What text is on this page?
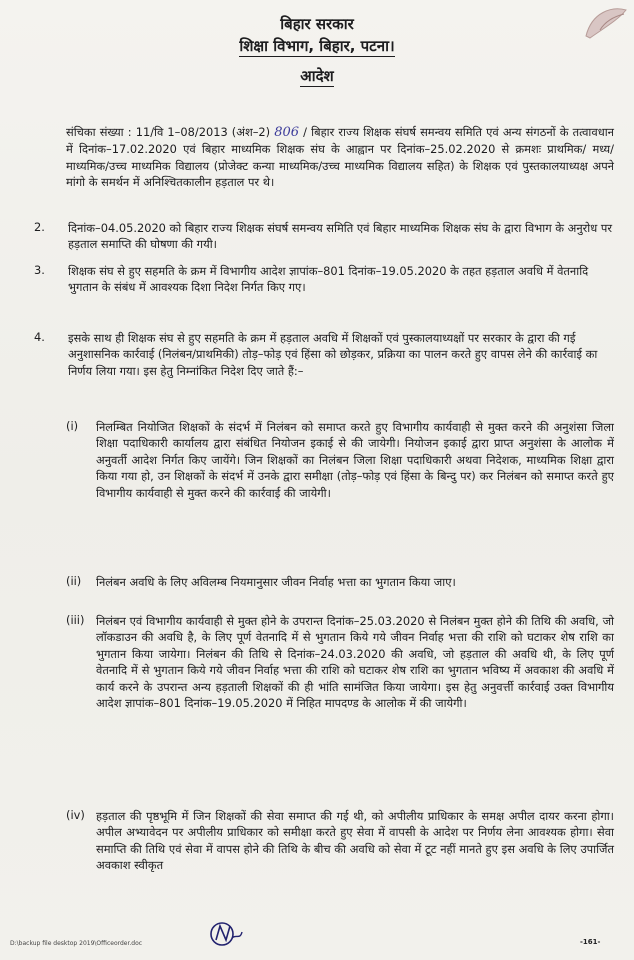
बिहार सरकार
शिक्षा विभाग, बिहार, पटना।
आदेश
संचिका संख्या : 11/वि 1–08/2013 (अंश–2) 806 / बिहार राज्य शिक्षक संघर्ष समन्वय समिति एवं अन्य संगठनों के तत्वावधान में दिनांक–17.02.2020 एवं बिहार माध्यमिक शिक्षक संघ के आह्वान पर दिनांक–25.02.2020 से क्रमशः प्राथमिक/ मध्य/माध्यमिक/उच्च माध्यमिक विद्यालय (प्रोजेक्ट कन्या माध्यमिक/उच्च माध्यमिक विद्यालय सहित) के शिक्षक एवं पुस्तकालयाध्यक्ष अपने मांगो के समर्थन में अनिश्चितकालीन हड़ताल पर थे।
2. दिनांक–04.05.2020 को बिहार राज्य शिक्षक संघर्ष समन्वय समिति एवं बिहार माध्यमिक शिक्षक संघ के द्वारा विभाग के अनुरोध पर हड़ताल समाप्ति की घोषणा की गयी।
3. शिक्षक संघ से हुए सहमति के क्रम में विभागीय आदेश ज्ञापांक–801 दिनांक–19.05.2020 के तहत हड़ताल अवधि में वेतनादि भुगतान के संबंध में आवश्यक दिशा निदेश निर्गत किए गए।
4. इसके साथ ही शिक्षक संघ से हुए सहमति के क्रम में हड़ताल अवधि में शिक्षकों एवं पुस्कालयाध्यक्षों पर सरकार के द्वारा की गई अनुशासनिक कार्रवाई (निलंबन/प्राथमिकी) तोड़–फोड़ एवं हिंसा को छोड़कर, प्रक्रिया का पालन करते हुए वापस लेने की कार्रवाई का निर्णय लिया गया। इस हेतु निम्नांकित निदेश दिए जाते हैं:–
(i) निलम्बित नियोजित शिक्षकों के संदर्भ में निलंबन को समाप्त करते हुए विभागीय कार्यवाही से मुक्त करने की अनुशंसा जिला शिक्षा पदाधिकारी कार्यालय द्वारा संबंधित नियोजन इकाई से की जायेगी। नियोजन इकाई द्वारा प्राप्त अनुशंसा के आलोक में अनुवर्ती आदेश निर्गत किए जायेंगे। जिन शिक्षकों का निलंबन जिला शिक्षा पदाधिकारी अथवा निदेशक, माध्यमिक शिक्षा द्वारा किया गया हो, उन शिक्षकों के संदर्भ में उनके द्वारा समीक्षा (तोड़–फोड़ एवं हिंसा के बिन्दु पर) कर निलंबन को समाप्त करते हुए विभागीय कार्यवाही से मुक्त करने की कार्रवाई की जायेगी।
(ii) निलंबन अवधि के लिए अविलम्ब नियमानुसार जीवन निर्वाह भत्ता का भुगतान किया जाए।
(iii) निलंबन एवं विभागीय कार्यवाही से मुक्त होने के उपरान्त दिनांक–25.03.2020 से निलंबन मुक्त होने की तिथि की अवधि, जो लॉकडाउन की अवधि है, के लिए पूर्ण वेतनादि में से भुगतान किये गये जीवन निर्वाह भत्ता की राशि को घटाकर शेष राशि का भुगतान किया जायेगा। निलंबन की तिथि से दिनांक–24.03.2020 की अवधि, जो हड़ताल की अवधि थी, के लिए पूर्ण वेतनादि में से भुगतान किये गये जीवन निर्वाह भत्ता की राशि को घटाकर शेष राशि का भुगतान भविष्य में अवकाश की अवधि में कार्य करने के उपरान्त अन्य हड़ताली शिक्षकों की ही भांति सामंजित किया जायेगा। इस हेतु अनुवर्त्ती कार्रवाई उक्त विभागीय आदेश ज्ञापांक–801 दिनांक–19.05.2020 में निहित मापदण्ड के आलोक में की जायेगी।
(iv) हड़ताल की पृष्ठभूमि में जिन शिक्षकों की सेवा समाप्त की गई थी, को अपीलीय प्राधिकार के समक्ष अपील दायर करना होगा। अपील अभ्यावेदन पर अपीलीय प्राधिकार को समीक्षा करते हुए सेवा में वापसी के आदेश पर निर्णय लेना आवश्यक होगा। सेवा समाप्ति की तिथि एवं सेवा में वापस होने की तिथि के बीच की अवधि को सेवा में टूट नहीं मानते हुए इस अवधि के लिए उपार्जित अवकाश स्वीकृत
D:\backup file desktop 2019\Officeorder.doc	-161-
